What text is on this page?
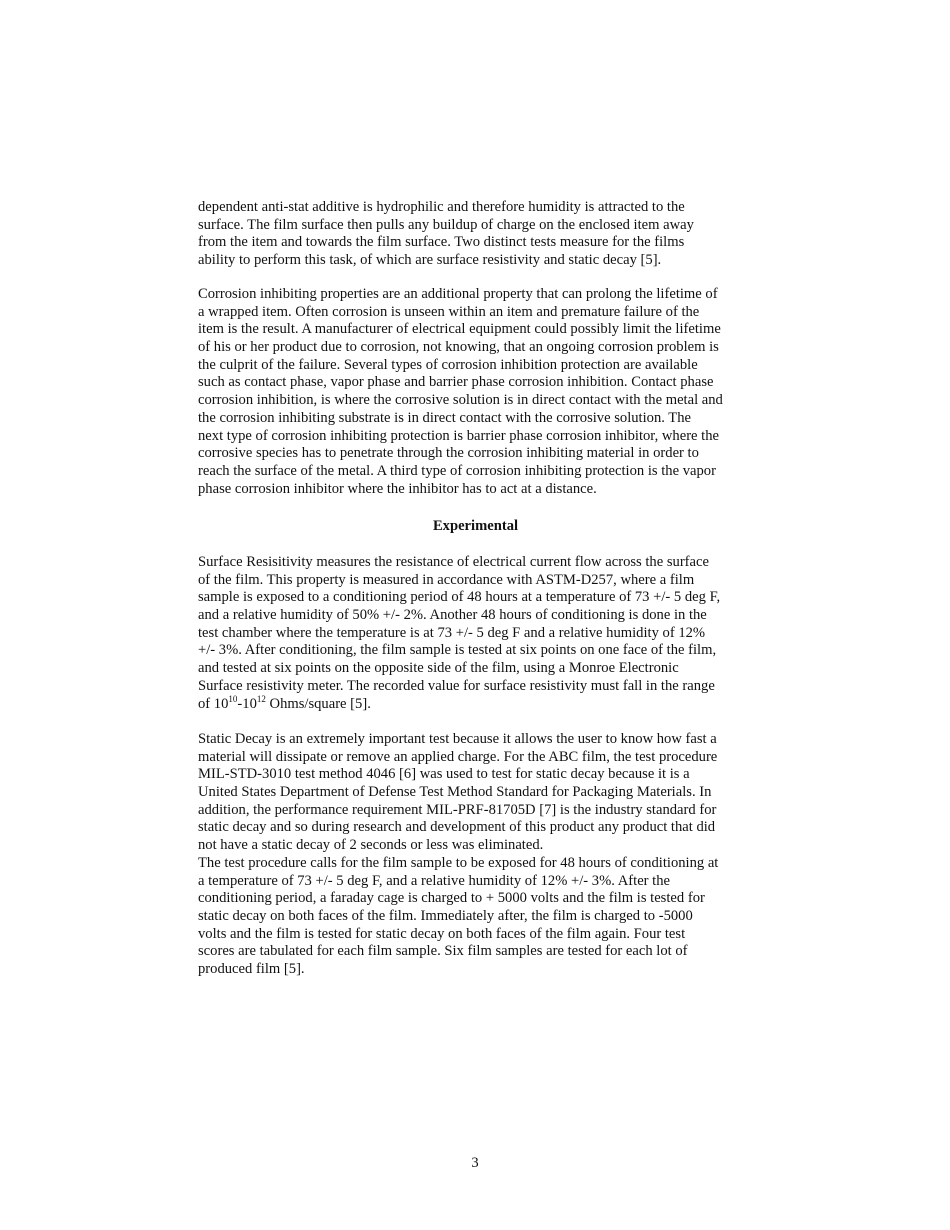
dependent anti-stat additive is hydrophilic and therefore humidity is attracted to the
surface. The film surface then pulls any buildup of charge on the enclosed item away
from the item and towards the film surface. Two distinct tests measure for the films
ability to perform this task, of which are surface resistivity and static decay [5].
Corrosion inhibiting properties are an additional property that can prolong the lifetime of
a wrapped item. Often corrosion is unseen within an item and premature failure of the
item is the result. A manufacturer of electrical equipment could possibly limit the lifetime
of his or her product due to corrosion, not knowing, that an ongoing corrosion problem is
the culprit of the failure. Several types of corrosion inhibition protection are available
such as contact phase, vapor phase and barrier phase corrosion inhibition. Contact phase
corrosion inhibition, is where the corrosive solution is in direct contact with the metal and
the corrosion inhibiting substrate is in direct contact with the corrosive solution. The
next type of corrosion inhibiting protection is barrier phase corrosion inhibitor, where the
corrosive species has to penetrate through the corrosion inhibiting material in order to
reach the surface of the metal. A third type of corrosion inhibiting protection is the vapor
phase corrosion inhibitor where the inhibitor has to act at a distance.
Experimental
Surface Resisitivity measures the resistance of electrical current flow across the surface
of the film. This property is measured in accordance with ASTM-D257, where a film
sample is exposed to a conditioning period of 48 hours at a temperature of 73 +/- 5 deg F,
and a relative humidity of 50% +/- 2%. Another 48 hours of conditioning is done in the
test chamber where the temperature is at 73 +/- 5 deg F and a relative humidity of 12%
+/- 3%. After conditioning, the film sample is tested at six points on one face of the film,
and tested at six points on the opposite side of the film, using a Monroe Electronic
Surface resistivity meter. The recorded value for surface resistivity must fall in the range
of $10^{10}-10^{12}$ Ohms/square [5].
Static Decay is an extremely important test because it allows the user to know how fast a
material will dissipate or remove an applied charge. For the ABC film, the test procedure
MIL-STD-3010 test method 4046 [6] was used to test for static decay because it is a
United States Department of Defense Test Method Standard for Packaging Materials. In
addition, the performance requirement MIL-PRF-81705D [7] is the industry standard for
static decay and so during research and development of this product any product that did
not have a static decay of 2 seconds or less was eliminated.
The test procedure calls for the film sample to be exposed for 48 hours of conditioning at
a temperature of 73 +/- 5 deg F, and a relative humidity of 12% +/- 3%. After the
conditioning period, a faraday cage is charged to + 5000 volts and the film is tested for
static decay on both faces of the film. Immediately after, the film is charged to -5000
volts and the film is tested for static decay on both faces of the film again. Four test
scores are tabulated for each film sample. Six film samples are tested for each lot of
produced film [5].
3
